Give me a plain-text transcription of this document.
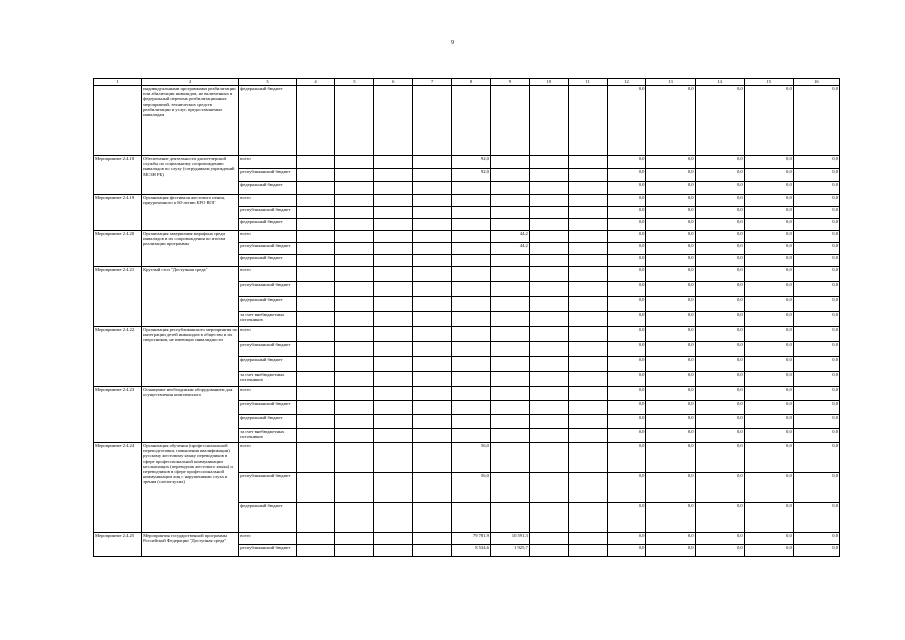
9
1	2	3	4	5	6	7	8	9	10	11	12	13	14	15	16
	индивидуальными программами реабилитации или абилитации инвалидов, не включенных в федеральный перечень реабилитационных мероприятий, технических средств реабилитации и услуг, предоставляемых инвалидам	федеральный бюджет									0,0	0,0	0,0	0,0	0,0
Мероприятие 2.4.18	Обеспечение деятельности диспетчерской службы по социальному сопровождению инвалидов по слуху (сотрудникам учреждений МСЗН РБ)	всего					92,0				0,0	0,0	0,0	0,0	0,0
		республиканский бюджет					92,0				0,0	0,0	0,0	0,0	0,0
		федеральный бюджет									0,0	0,0	0,0	0,0	0,0
Мероприятие 2.4.19	Организация фестиваля жестового пения, приуроченного к 60-летию БРО ВОГ	всего									0,0	0,0	0,0	0,0	0,0
		республиканский бюджет									0,0	0,0	0,0	0,0	0,0
		федеральный бюджет									0,0	0,0	0,0	0,0	0,0
Мероприятие 2.4.20	Организация завершения марафона среди инвалидов и их сопровождения по итогам реализации программы	всего						44,2			0,0	0,0	0,0	0,0	0,0
		республиканский бюджет						44,2			0,0	0,0	0,0	0,0	0,0
		федеральный бюджет									0,0	0,0	0,0	0,0	0,0
Мероприятие 2.4.21	Круглый стол "Доступная среда"	всего									0,0	0,0	0,0	0,0	0,0
		республиканский бюджет									0,0	0,0	0,0	0,0	0,0
		федеральный бюджет									0,0	0,0	0,0	0,0	0,0
		за счет внебюджетных источников									0,0	0,0	0,0	0,0	0,0
Мероприятие 2.4.22	Организация республиканского мероприятия по интеграции детей инвалидов в общество и их сверстников, не имеющих инвалидности	всего									0,0	0,0	0,0	0,0	0,0
		республиканский бюджет									0,0	0,0	0,0	0,0	0,0
		федеральный бюджет									0,0	0,0	0,0	0,0	0,0
		за счет внебюджетных источников									0,0	0,0	0,0	0,0	0,0
Мероприятие 2.4.23	Оснащение необходимым оборудованием для осуществления комплексного	всего									0,0	0,0	0,0	0,0	0,0
		республиканский бюджет									0,0	0,0	0,0	0,0	0,0
		федеральный бюджет									0,0	0,0	0,0	0,0	0,0
		за счет внебюджетных источников									0,0	0,0	0,0	0,0	0,0
Мероприятие 2.4.24	Организация обучения (профессиональной переподготовки, повышения квалификации) русскому жестовому языку переводчиков в сфере профессиональной коммуникации неслышащих (переводчик жестового языка) и переводчиков в сфере профессиональной коммуникации лиц с нарушениями слуха и зрения (слепоглухих)	всего					56,0				0,0	0,0	0,0	0,0	0,0
		республиканский бюджет					56,0				0,0	0,0	0,0	0,0	0,0
		федеральный бюджет									0,0	0,0	0,0	0,0	0,0
Мероприятие 2.4.25	Мероприятия государственной программы Российской Федерации "Доступная среда"	всего					79 781,9	10 591,3			0,0	0,0	0,0	0,0	0,0
		республиканский бюджет					8 534,6	1 925,7			0,0	0,0	0,0	0,0	0,0
